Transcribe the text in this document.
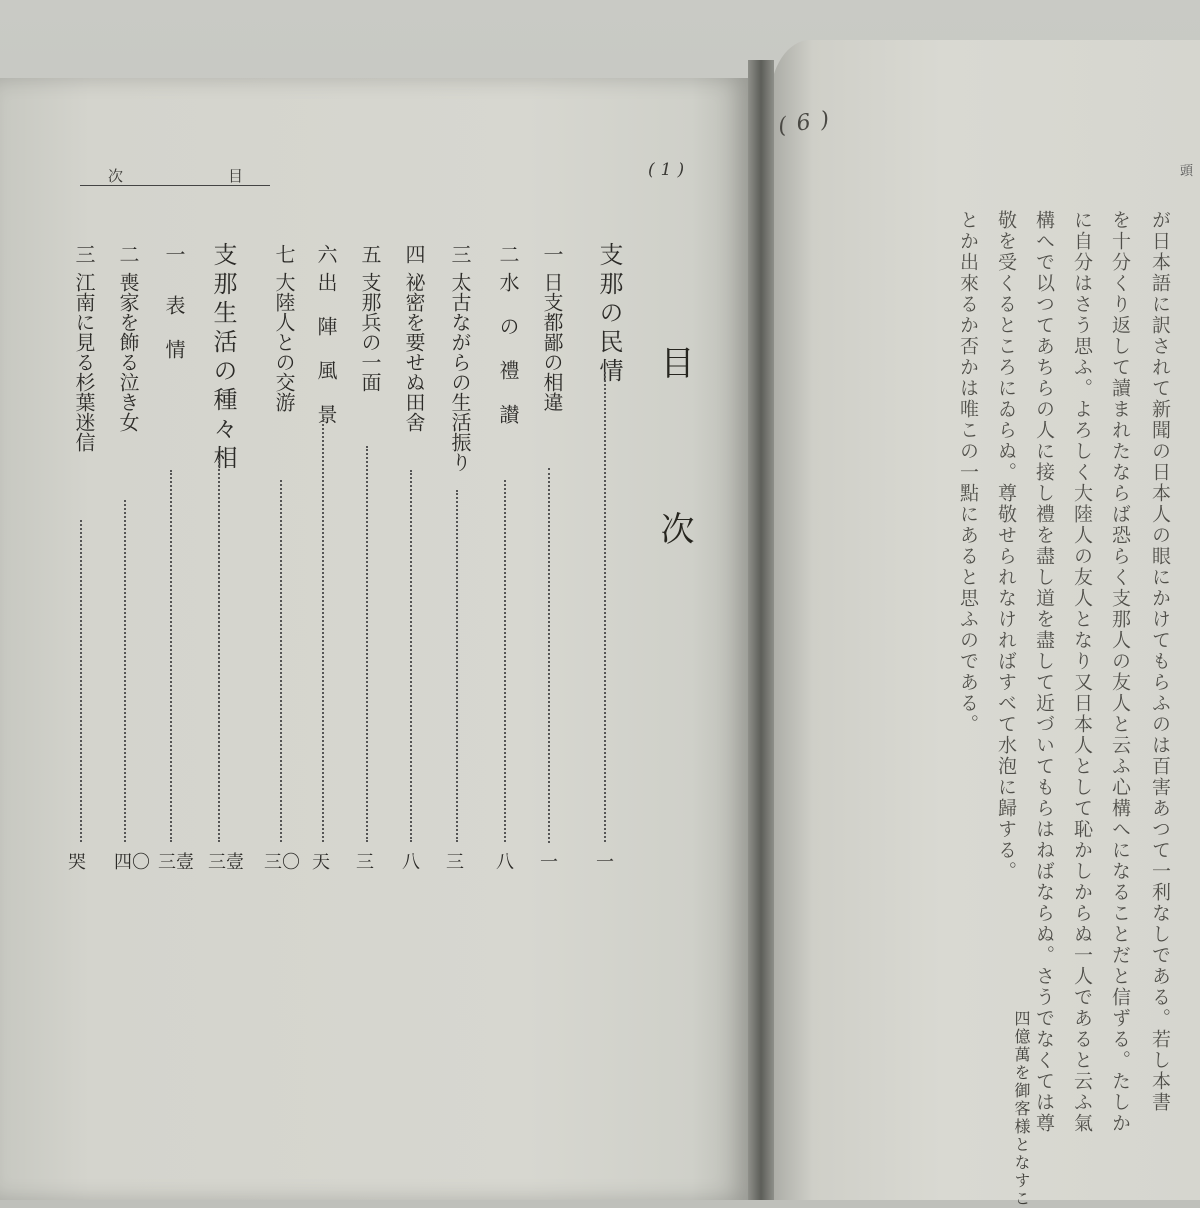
次	目	(1)
目次
支那の民情
一
一
日支都鄙の相違
一
二
水 の 禮 讃
八
三
太古ながらの生活振り
三
四
祕密を要せぬ田舍
八
五
支那兵の一面
三
六
出 陣 風 景
天
七
大陸人との交游
三〇
支那生活の種々相
三壹
一
表 情
三壹
二
喪家を飾る泣き女
四〇
三
江南に見る杉葉迷信
哭
(6)
頭
が日本語に訳されて新聞の日本人の眼にかけてもらふのは百害あつて一利なしである。若し本書
を十分くり返して讀まれたならば恐らく支那人の友人と云ふ心構へになることだと信ずる。たしか
に自分はさう思ふ。よろしく大陸人の友人となり又日本人として恥かしからぬ一人であると云ふ氣
構へで以つてあちらの人に接し禮を盡し道を盡して近づいてもらはねばならぬ。さうでなくては尊
敬を受くるところにゐらぬ。尊敬せられなければすべて水泡に歸する。
とか出來るか否かは唯この一點にあると思ふのである。
四億萬を御客様となすこ
